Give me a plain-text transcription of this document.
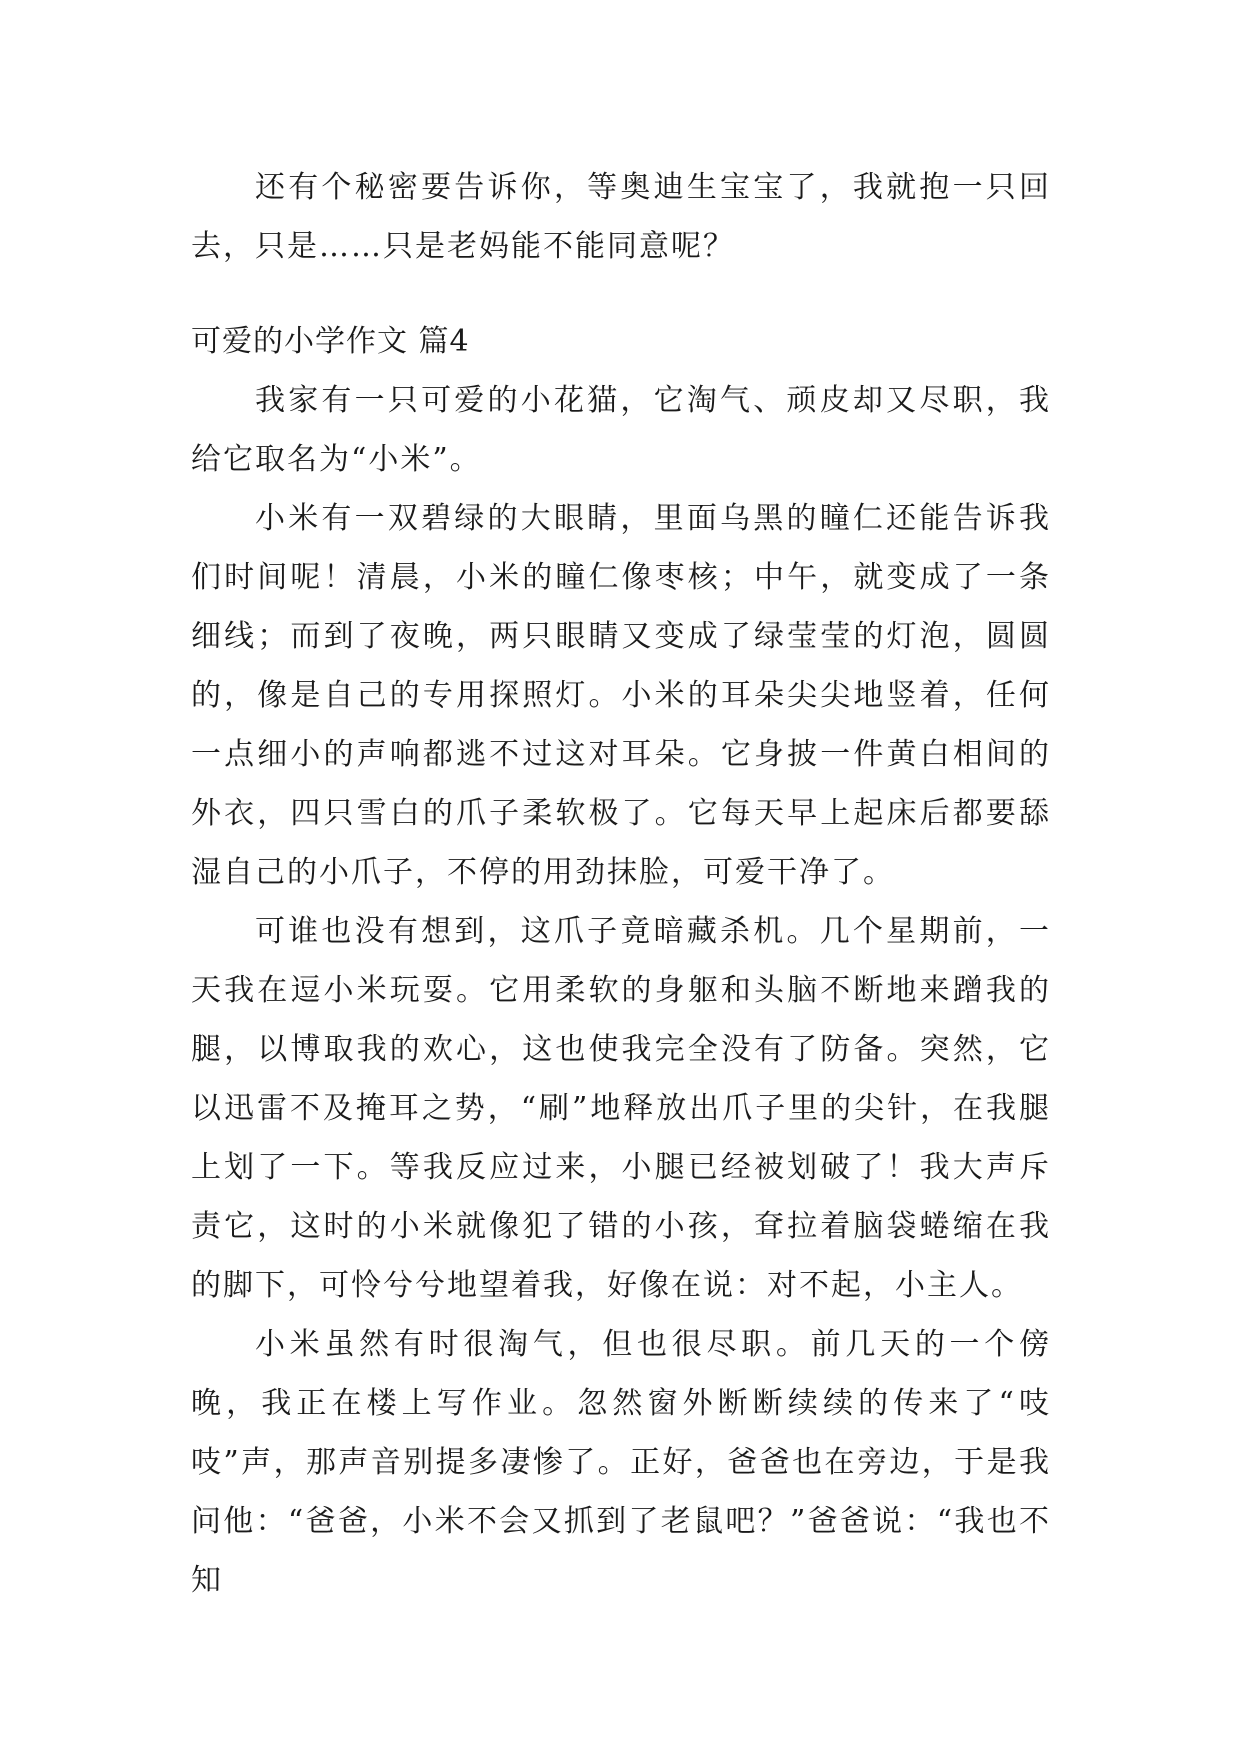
还有个秘密要告诉你，等奥迪生宝宝了，我就抱一只回去，只是……只是老妈能不能同意呢？

可爱的小学作文 篇4

我家有一只可爱的小花猫，它淘气、顽皮却又尽职，我给它取名为“小米”。

小米有一双碧绿的大眼睛，里面乌黑的瞳仁还能告诉我们时间呢！清晨，小米的瞳仁像枣核；中午，就变成了一条细线；而到了夜晚，两只眼睛又变成了绿莹莹的灯泡，圆圆的，像是自己的专用探照灯。小米的耳朵尖尖地竖着，任何一点细小的声响都逃不过这对耳朵。它身披一件黄白相间的外衣，四只雪白的爪子柔软极了。它每天早上起床后都要舔湿自己的小爪子，不停的用劲抹脸，可爱干净了。

可谁也没有想到，这爪子竟暗藏杀机。几个星期前，一天我在逗小米玩耍。它用柔软的身躯和头脑不断地来蹭我的腿，以博取我的欢心，这也使我完全没有了防备。突然，它以迅雷不及掩耳之势，“刷”地释放出爪子里的尖针，在我腿上划了一下。等我反应过来，小腿已经被划破了！我大声斥责它，这时的小米就像犯了错的小孩，耷拉着脑袋蜷缩在我的脚下，可怜兮兮地望着我，好像在说：对不起，小主人。

小米虽然有时很淘气，但也很尽职。前几天的一个傍晚，我正在楼上写作业。忽然窗外断断续续的传来了“吱吱”声，那声音别提多凄惨了。正好，爸爸也在旁边，于是我问他：“爸爸，小米不会又抓到了老鼠吧？”爸爸说：“我也不知
